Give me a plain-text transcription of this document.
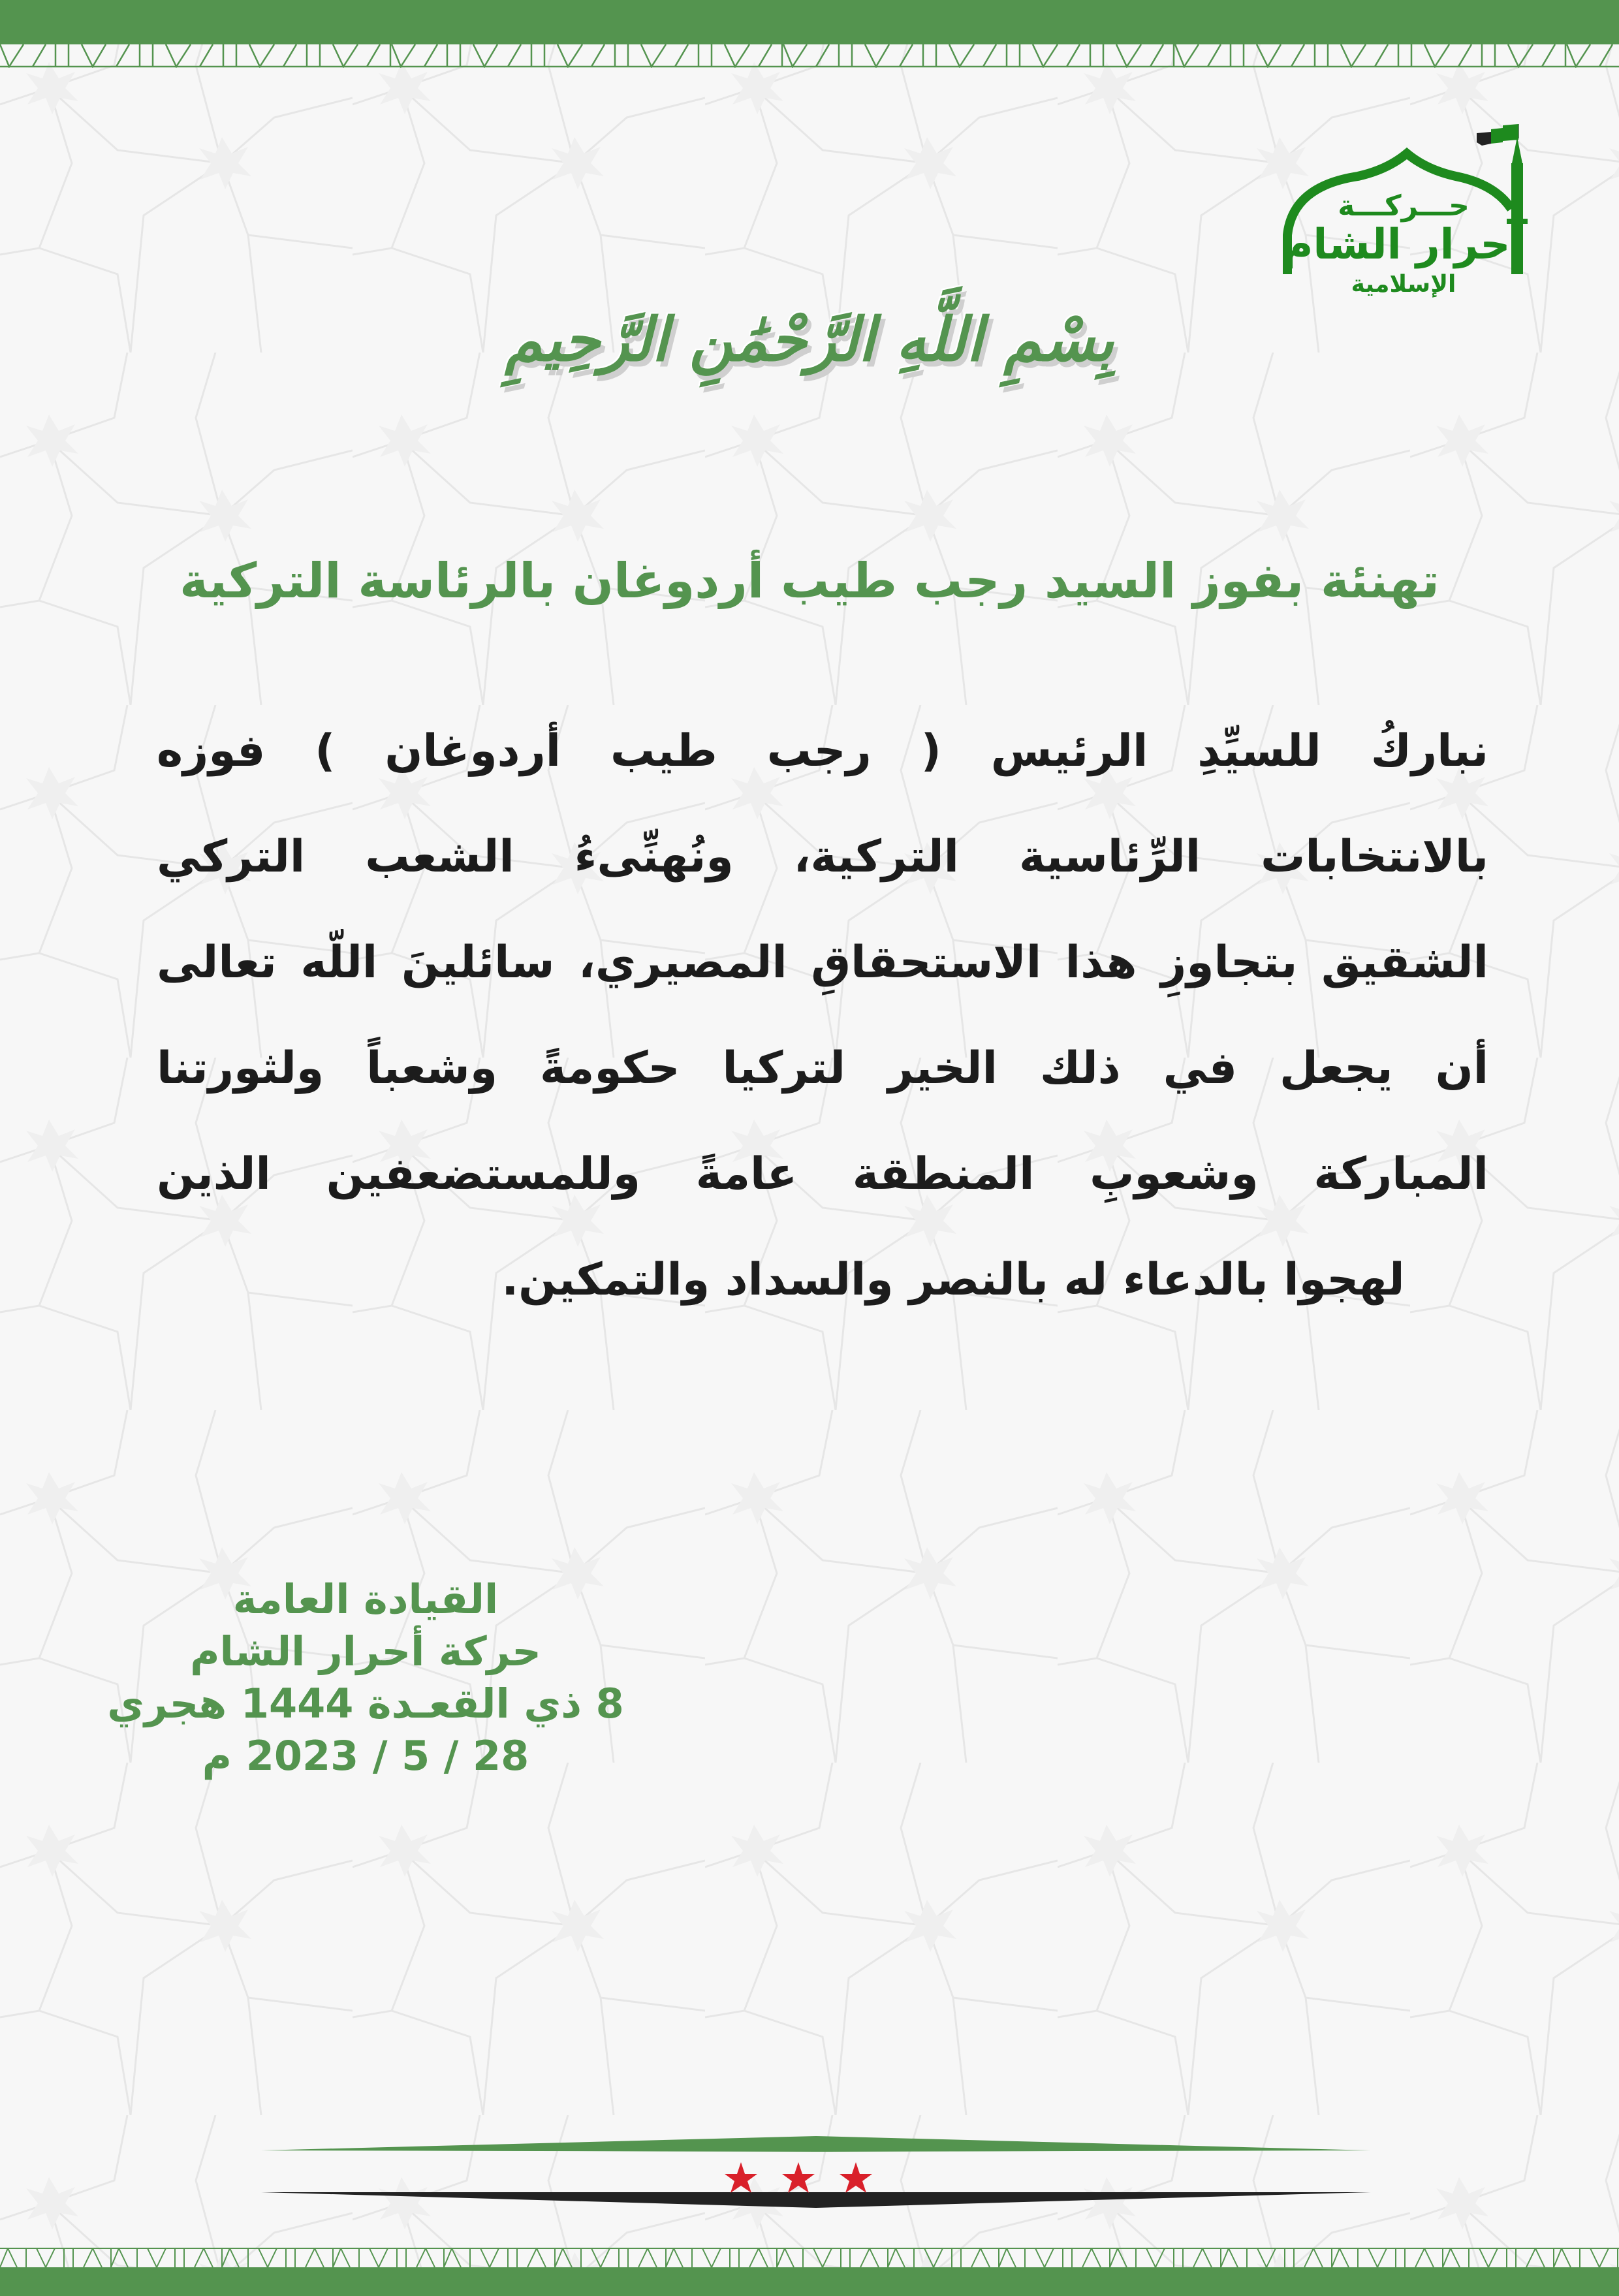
حـــركـــة
احرار الشام
الإسلامية
بِسْمِ اللَّهِ الرَّحْمَٰنِ الرَّحِيمِ
تهنئة بفوز السيد رجب طيب أردوغان بالرئاسة التركية
نباركُ للسيِّدِ الرئيس ( رجب طيب أردوغان ) فوزه
بالانتخابات الرِّئاسية التركية، ونُهنِّىءُ الشعب التركي
الشقيق بتجاوزِ هذا الاستحقاقِ المصيري، سائلينَ اللّه تعالى
أن يجعل في ذلك الخير لتركيا حكومةً وشعباً ولثورتنا
المباركة وشعوبِ المنطقة عامةً وللمستضعفين الذين
لهجوا بالدعاء له بالنصر والسداد والتمكين.
القيادة العامة
حركة أحرار الشام
8 ذي القعـدة 1444 هجري
28 / 5 / 2023 م
